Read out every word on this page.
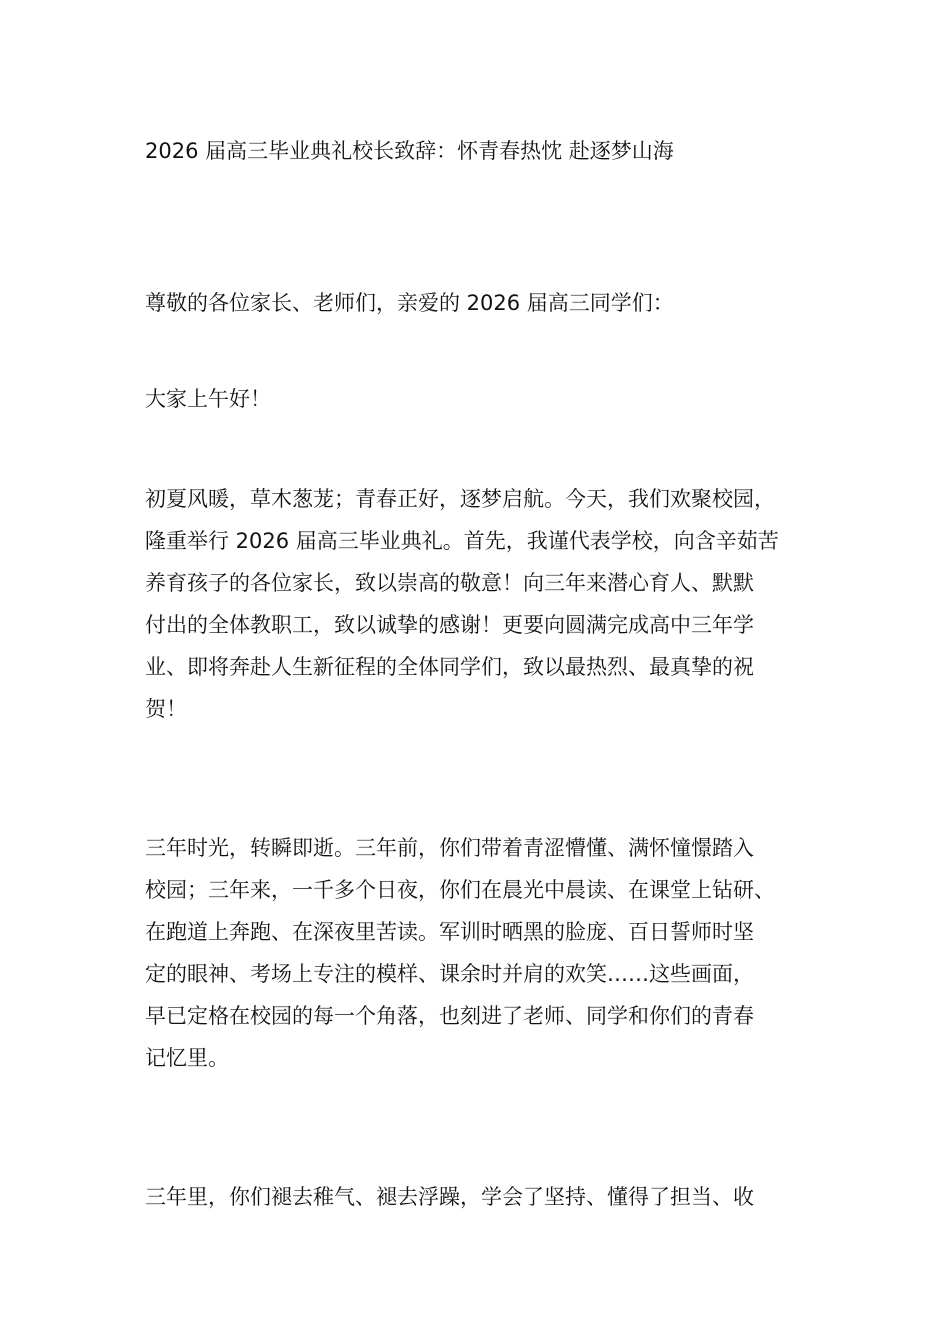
2026 届高三毕业典礼校长致辞：怀青春热忱 赴逐梦山海
尊敬的各位家长、老师们，亲爱的 2026 届高三同学们：
大家上午好！
初夏风暖，草木葱茏；青春正好，逐梦启航。今天，我们欢聚校园，
隆重举行 2026 届高三毕业典礼。首先，我谨代表学校，向含辛茹苦
养育孩子的各位家长，致以崇高的敬意！向三年来潜心育人、默默
付出的全体教职工，致以诚挚的感谢！更要向圆满完成高中三年学
业、即将奔赴人生新征程的全体同学们，致以最热烈、最真挚的祝
贺！
三年时光，转瞬即逝。三年前，你们带着青涩懵懂、满怀憧憬踏入
校园；三年来，一千多个日夜，你们在晨光中晨读、在课堂上钻研、
在跑道上奔跑、在深夜里苦读。军训时晒黑的脸庞、百日誓师时坚
定的眼神、考场上专注的模样、课余时并肩的欢笑……这些画面，
早已定格在校园的每一个角落，也刻进了老师、同学和你们的青春
记忆里。
三年里，你们褪去稚气、褪去浮躁，学会了坚持、懂得了担当、收
